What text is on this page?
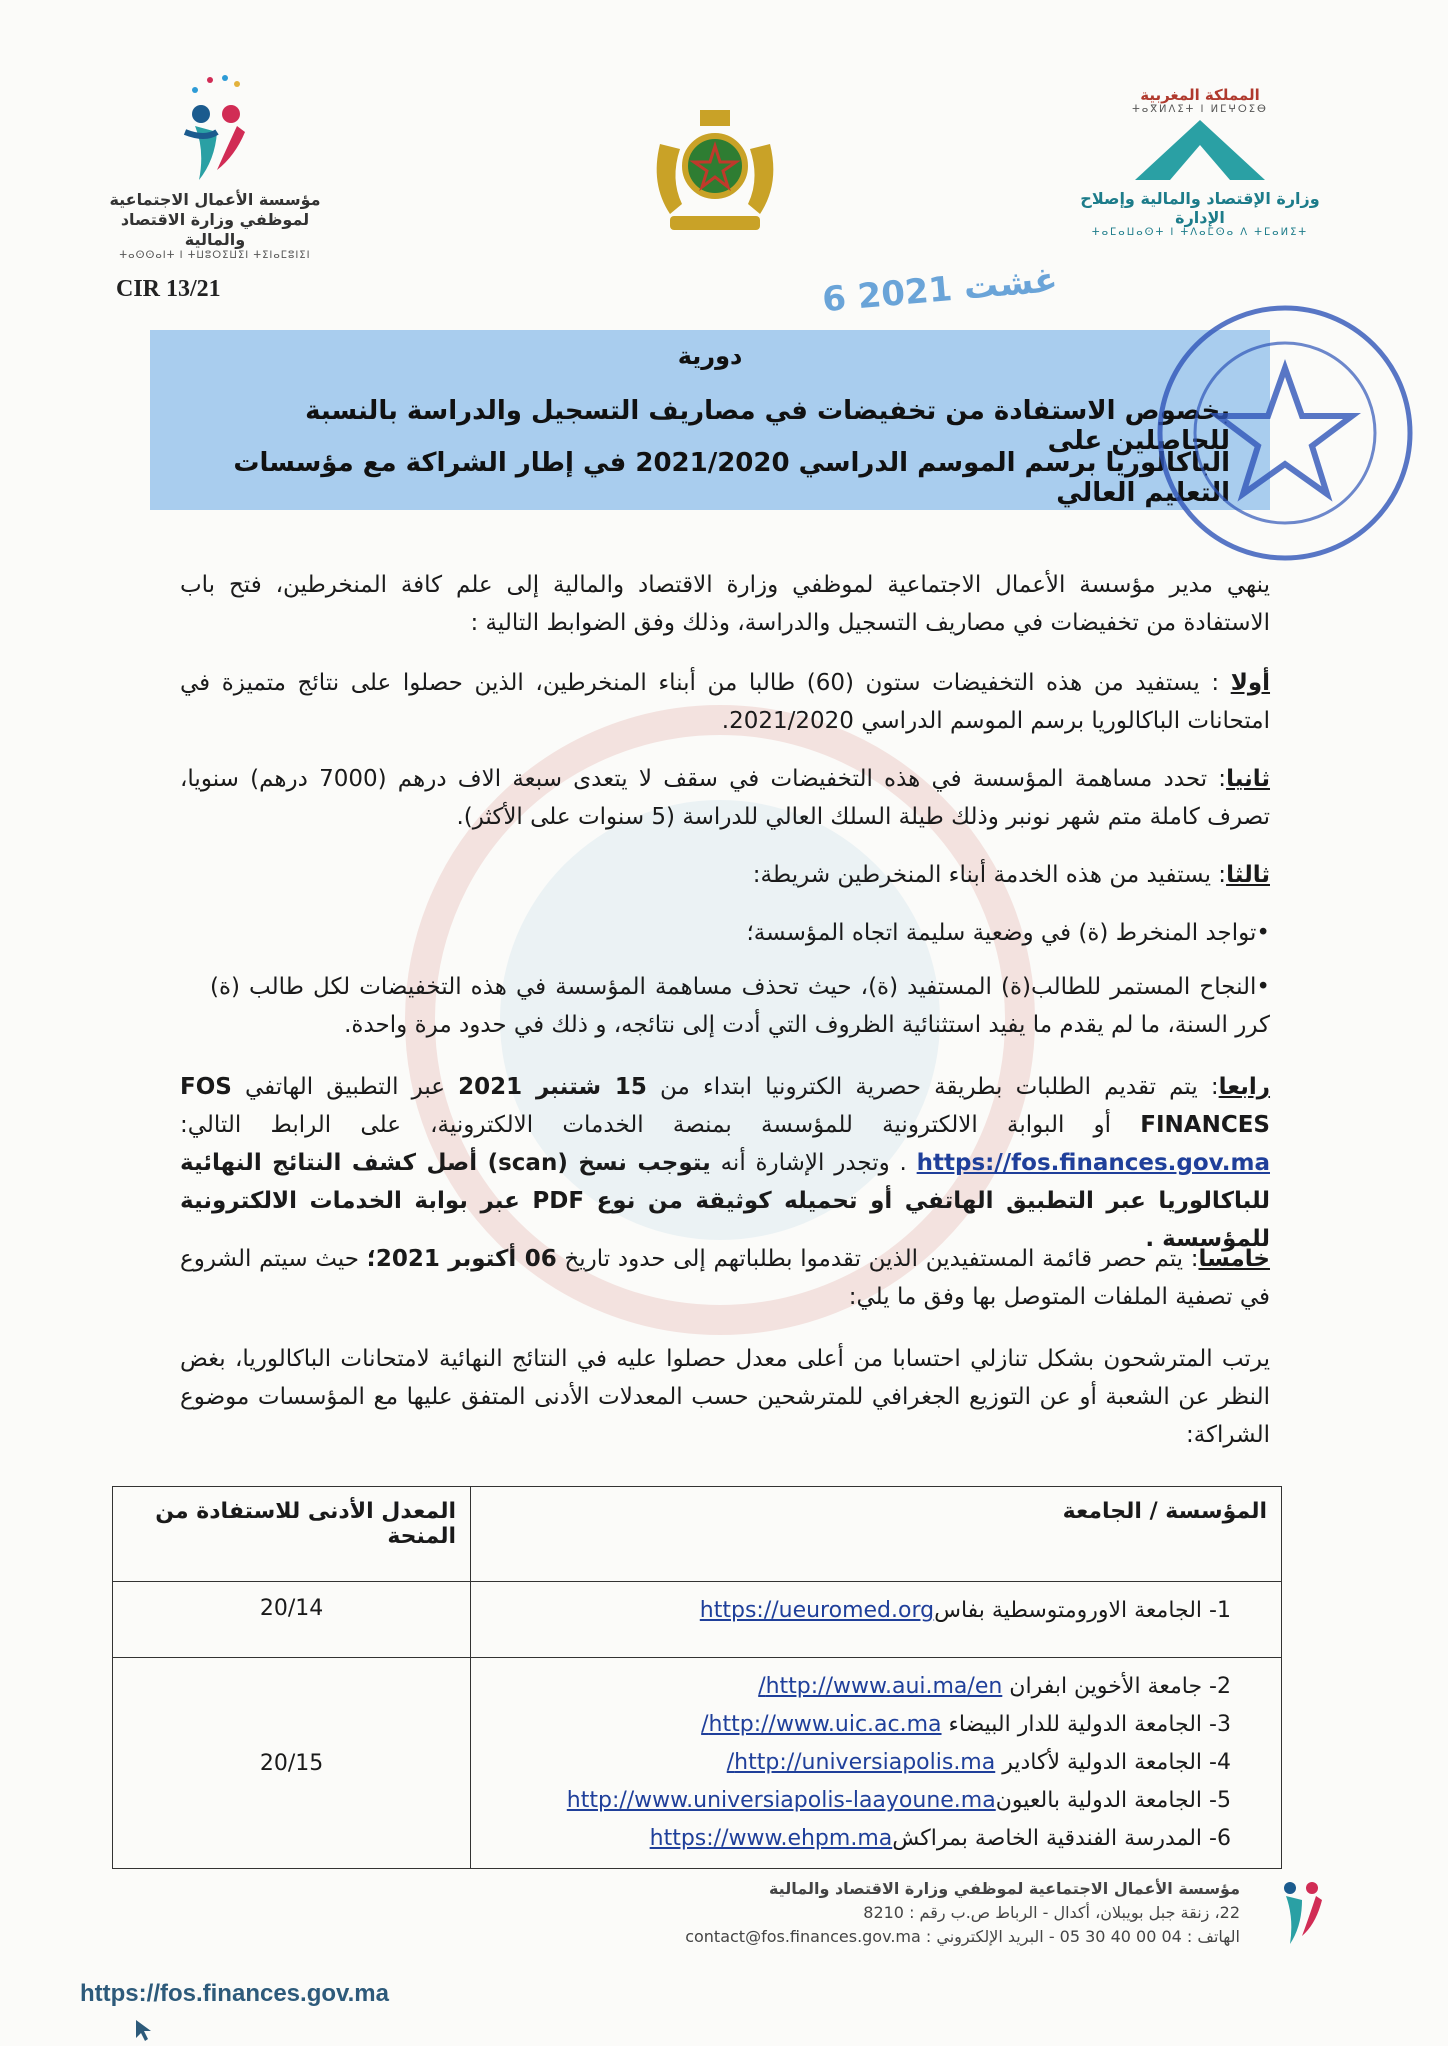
مؤسسة الأعمال الاجتماعية
لموظفي وزارة الاقتصاد والمالية
ⵜⴰⵙⵙⴰⵏⵜ ⵏ ⵜⵡⵓⵔⵉⵡⵉⵏ ⵜⵉⵏⴰⵎⵓⵏⵉⵏ
CIR 13/21
المملكة المغربية
ⵜⴰⴳⵍⴷⵉⵜ ⵏ ⵍⵎⵖⵔⵉⴱ
وزارة الإقتصاد والمالية وإصلاح الإدارة
ⵜⴰⵎⴰⵡⴰⵙⵜ ⵏ ⵜⴷⴰⵎⵙⴰ ⴷ ⵜⵎⴰⵍⵉⵜ
6 غشت 2021
دورية
بخصوص الاستفادة من تخفيضات في مصاريف التسجيل والدراسة بالنسبة للحاصلين على
الباكالوريا برسم الموسم الدراسي 2021/2020 في إطار الشراكة مع مؤسسات التعليم العالي
ينهي مدير مؤسسة الأعمال الاجتماعية لموظفي وزارة الاقتصاد والمالية إلى علم كافة المنخرطين، فتح باب الاستفادة من تخفيضات في مصاريف التسجيل والدراسة، وذلك وفق الضوابط التالية :
أولا : يستفيد من هذه التخفيضات ستون (60) طالبا من أبناء المنخرطين، الذين حصلوا على نتائج متميزة في امتحانات الباكالوريا برسم الموسم الدراسي 2021/2020.
ثانيا: تحدد مساهمة المؤسسة في هذه التخفيضات في سقف لا يتعدى سبعة الاف درهم (7000 درهم) سنويا، تصرف كاملة متم شهر نونبر وذلك طيلة السلك العالي للدراسة (5 سنوات على الأكثر).
ثالثا: يستفيد من هذه الخدمة أبناء المنخرطين شريطة:
•تواجد المنخرط (ة) في وضعية سليمة اتجاه المؤسسة؛
•النجاح المستمر للطالب(ة) المستفيد (ة)، حيث تحذف مساهمة المؤسسة في هذه التخفيضات لكل طالب (ة) كرر السنة، ما لم يقدم ما يفيد استثنائية الظروف التي أدت إلى نتائجه، و ذلك في حدود مرة واحدة.
رابعا: يتم تقديم الطلبات بطريقة حصرية الكترونيا ابتداء من 15 شتنبر 2021 عبر التطبيق الهاتفي FOS FINANCES أو البوابة الالكترونية للمؤسسة بمنصة الخدمات الالكترونية، على الرابط التالي: https://fos.finances.gov.ma . وتجدر الإشارة أنه يتوجب نسخ (scan) أصل كشف النتائج النهائية للباكالوريا عبر التطبيق الهاتفي أو تحميله كوثيقة من نوع PDF عبر بوابة الخدمات الالكترونية للمؤسسة .
خامسا: يتم حصر قائمة المستفيدين الذين تقدموا بطلباتهم إلى حدود تاريخ 06 أكتوبر 2021؛ حيث سيتم الشروع في تصفية الملفات المتوصل بها وفق ما يلي:
يرتب المترشحون بشكل تنازلي احتسابا من أعلى معدل حصلوا عليه في النتائج النهائية لامتحانات الباكالوريا، بغض النظر عن الشعبة أو عن التوزيع الجغرافي للمترشحين حسب المعدلات الأدنى المتفق عليها مع المؤسسات موضوع الشراكة:
المعدل الأدنى للاستفادة من المنحة	المؤسسة / الجامعة
20/14	1- الجامعة الاورومتوسطية بفاسhttps://ueuromed.org

20/15	2- جامعة الأخوين ابفران http://www.aui.ma/en/
3- الجامعة الدولية للدار البيضاء http://www.uic.ac.ma/
4- الجامعة الدولية لأكادير http://universiapolis.ma/
5- الجامعة الدولية بالعيونhttp://www.universiapolis-laayoune.ma
6- المدرسة الفندقية الخاصة بمراكشhttps://www.ehpm.ma
https://fos.finances.gov.ma
مؤسسة الأعمال الاجتماعية لموظفي وزارة الاقتصاد والمالية
22، زنقة جبل بويبلان، أكدال - الرباط ص.ب رقم : 8210
الهاتف : 04 00 40 30 05 - البريد الإلكتروني : contact@fos.finances.gov.ma
